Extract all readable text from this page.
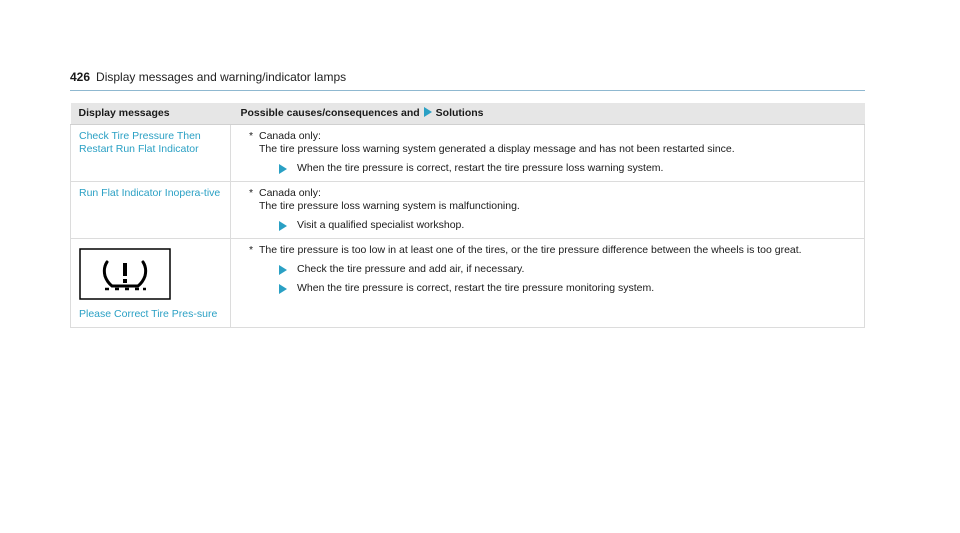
426 Display messages and warning/indicator lamps
Display messages	Possible causes/consequences and Solutions
Check Tire Pressure Then Restart Run Flat Indicator	* Canada only:
The tire pressure loss warning system generated a display message and has not been restarted since.
When the tire pressure is correct, restart the tire pressure loss warning system.

Run Flat Indicator Inopera-tive	* Canada only:
The tire pressure loss warning system is malfunctioning.
Visit a qualified specialist workshop.

Please Correct Tire Pres-sure	* The tire pressure is too low in at least one of the tires, or the tire pressure difference between the wheels is too great.
Check the tire pressure and add air, if necessary.
When the tire pressure is correct, restart the tire pressure monitoring system.
